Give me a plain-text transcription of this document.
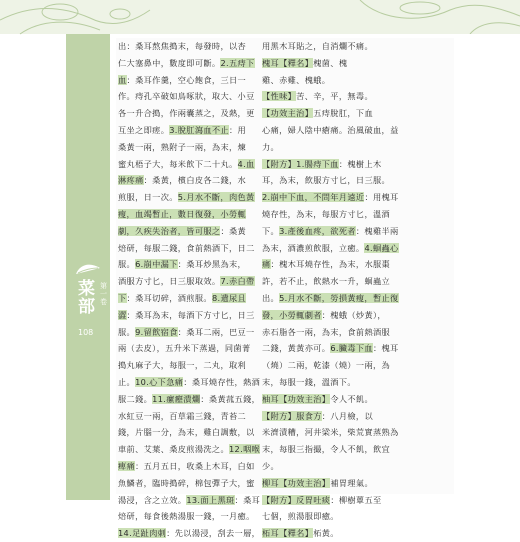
菜部
第一卷
108
出：桑耳熬焦搗末，每發時，以杏
仁大塞鼻中，數度即可斷。2.五痔下
血：桑耳作羹，空心飽食，三日一
作。痔孔卒破如鳥啄狀，取大、小豆
各一升合搗，作兩囊蒸之，及熱，更
互坐之即瘥。3.脫肛瀉血不止：用
桑黃一兩，熟附子一兩，為末，煉
蜜丸梧子大，每米飲下二十丸。4.血
淋疼痛：桑黃，檳白皮各二錢，水
煎服，日一次。5.月水不斷，肉色黃
瘦，血竭暫止，數日復發，小勞輒
劇，久疾失治者，皆可服之：桑黃
焙研，每服二錢，食前熱酒下，日二
服。6.崩中漏下：桑耳炒黑為末，
酒服方寸匕，日三服取效。7.赤白帶
下：桑耳切碎，酒煎服。8.遺尿且
澀：桑耳為末，每酒下方寸匕，日三
服。9.留飲宿食：桑耳二兩，巴豆一
兩（去皮），五升米下蒸過，同菌菁
搗丸麻子大，每服一，二丸，取利
止。10.心下急痛：桑耳燒存性，熱酒
服二錢。11.瘰癧潰爛：桑黃菰五錢，
水紅豆一兩，百草霜三錢，青苔二
錢，片腦一分，為末，雞白調敷，以
車前、艾葉、桑皮煎湯洗之。12.咽喉
痺痛：五月五日，收桑上木耳，白如
魚鱗者，臨時搗碎，棉包彈子大，蜜
湯浸，含之立效。13.面上黑斑：桑耳
焙研，每食後熱湯服一錢，一月癒。
14.足趾肉刺：先以湯浸，刮去一層，
用黑木耳貼之，自消爛不痛。
槐耳【釋名】槐菌、槐
雞、赤雞、槐蛾。
【性味】苦、辛，平，無毒。
【功效主治】五痔脫肛，下血
心痛，婦人陰中瘡痛。治風破血，益
力。
【附方】1.腸痔下血：槐樹上木
耳，為末，飲服方寸匕，日三服。
2.崩中下血，不問年月遠近：用槐耳
燒存性，為末，每服方寸匕，溫酒
下。3.產後血疼，欲死者：槐雞半兩
為末，酒濃煎飲服，立癒。4.蛔蟲心
痛：槐木耳燒存性，為末，水服棗
許，若不止，飲熱水一升，蛔蟲立
出。5.月水不斷，勞損黃瘦，暫止復
發，小勞輒劇者：槐蛾（炒黃），
赤石脂各一兩，為末，食前熱酒服
二錢，黃黃亦可。6.臟毒下血：槐耳
（燒）二兩，乾漆（燒）一兩，為
末，每服一錢，溫酒下。
柚耳【功效主治】令人不飢。
【附方】服食方：八月檢，以
米濟漬糟，河井梁米，柴荒實蒸熟為
末，每服三指撮，令人不飢，飲宜
少。
柳耳【功效主治】補胃理氣。
【附方】反胃吐痰：柳樹蕈五至
七個，煎湯服即癒。
柘耳【釋名】柘黃。
